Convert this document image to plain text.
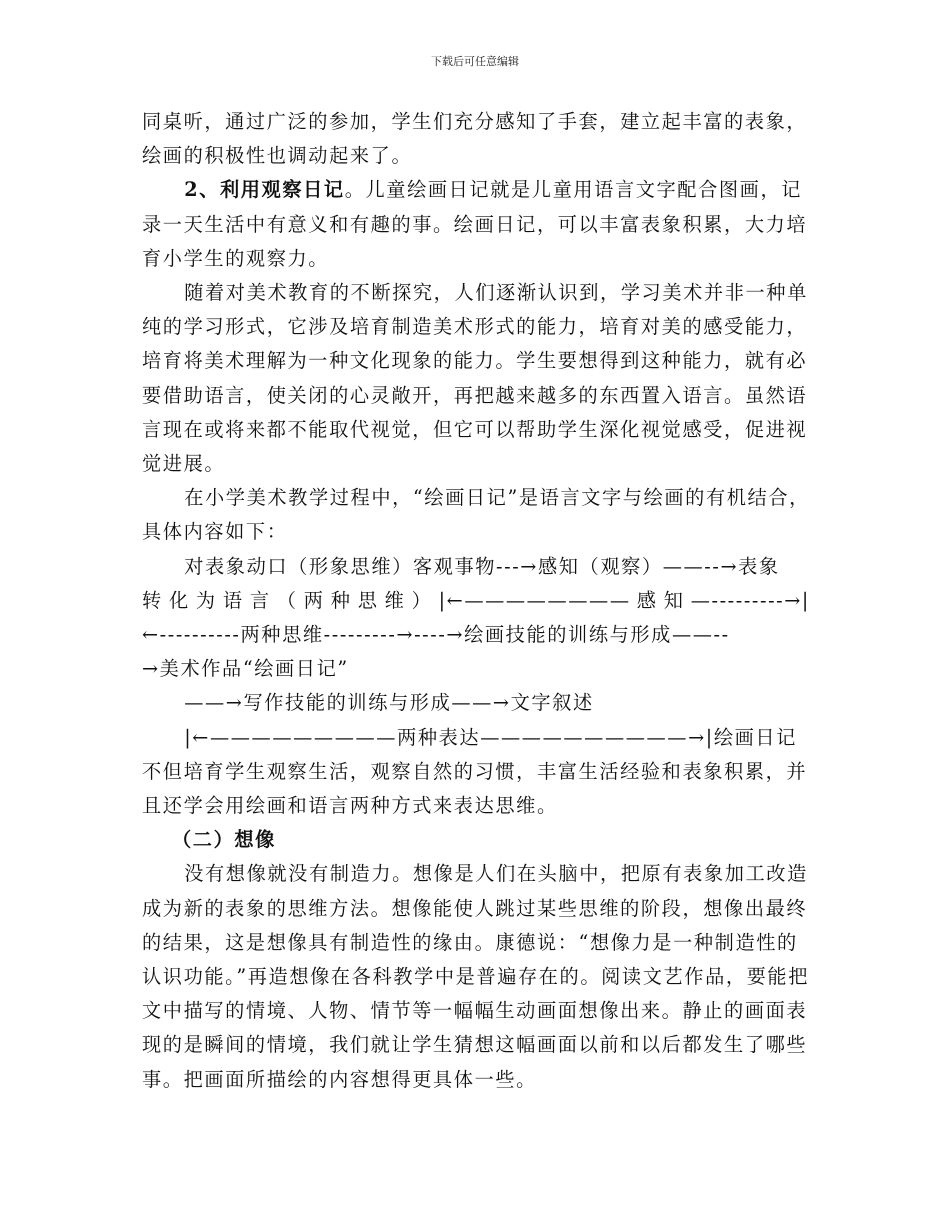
下载后可任意编辑

同桌听，通过广泛的参加，学生们充分感知了手套，建立起丰富的表象，绘画的积极性也调动起来了。

2、利用观察日记。儿童绘画日记就是儿童用语言文字配合图画，记录一天生活中有意义和有趣的事。绘画日记，可以丰富表象积累，大力培育小学生的观察力。

随着对美术教育的不断探究，人们逐渐认识到，学习美术并非一种单纯的学习形式，它涉及培育制造美术形式的能力，培育对美的感受能力，培育将美术理解为一种文化现象的能力。学生要想得到这种能力，就有必要借助语言，使关闭的心灵敞开，再把越来越多的东西置入语言。虽然语言现在或将来都不能取代视觉，但它可以帮助学生深化视觉感受，促进视觉进展。

在小学美术教学过程中，“绘画日记”是语言文字与绘画的有机结合，具体内容如下：

对表象动口（形象思维）客观事物---→感知（观察）——--→表象

转化为语言（两种思维）|←————————感知—---------→|

←----------两种思维---------→----→绘画技能的训练与形成——--

→美术作品“绘画日记”

——→写作技能的训练与形成——→文字叙述

|←—————————两种表达——————————→|绘画日记不但培育学生观察生活，观察自然的习惯，丰富生活经验和表象积累，并且还学会用绘画和语言两种方式来表达思维。

（二）想像

没有想像就没有制造力。想像是人们在头脑中，把原有表象加工改造成为新的表象的思维方法。想像能使人跳过某些思维的阶段，想像出最终的结果，这是想像具有制造性的缘由。康德说：“想像力是一种制造性的认识功能。”再造想像在各科教学中是普遍存在的。阅读文艺作品，要能把文中描写的情境、人物、情节等一幅幅生动画面想像出来。静止的画面表现的是瞬间的情境，我们就让学生猜想这幅画面以前和以后都发生了哪些事。把画面所描绘的内容想得更具体一些。
